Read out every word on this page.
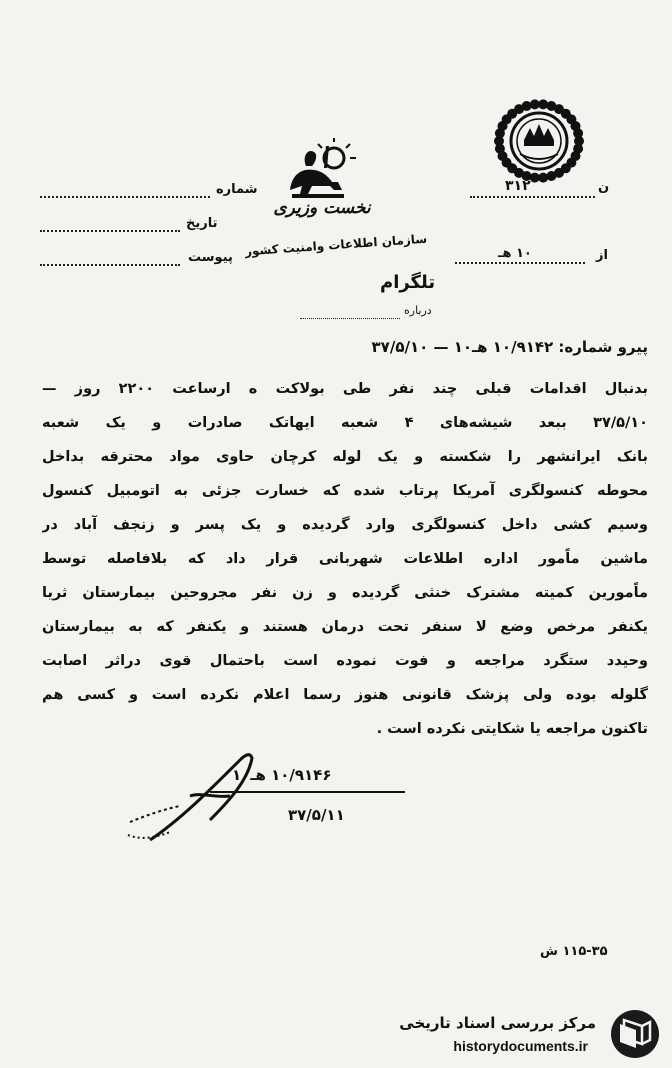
شماره
تاریخ
پیوست
نخست وزیری
سازمان اطلاعات وامنیت کشور
تلگرام
درباره
۳۱۲	ن
از
۱۰ هـ
پیرو شماره: ۱۰/۹۱۴۲ هـ۱۰ — ۳۷/۵/۱۰
بدنبال اقدامات قبلی چند نفر طی بولاکت ه ارساعت ۲۲۰۰ روز —
۳۷/۵/۱۰ ببعد شیشه‌های ۴ شعبه ایهاتک صادرات و یک شعبه
بانک ایرانشهر را شکسته و یک لوله کرچان حاوی مواد محترقه بداخل
محوطه کنسولگری آمریکا پرتاب شده که خسارت جزئی به اتومبیل کنسول
وسیم کشی داخل کنسولگری وارد گردیده و یک پسر و زنجف آباد در
ماشین ماًمور اداره اطلاعات شهربانی قرار داد که بلافاصله توسط
ماًمورین کمیته مشترک خنثی گردیده و زن نفر مجروحین بیمارستان ثریا
یکنفر مرخص وضع لا سنفر تحت درمان هستند و یکنفر که به بیمارستان
وحیدد ستگرد مراجعه و فوت نموده است باحتمال قوی دراثر اصابت
گلوله بوده ولی پزشک قانونی هنوز رسما اعلام نکرده است و کسی هم
تاکنون مراجعه یا شکایتی نکرده است .
۱۰/۹۱۴۶ هـ۱۰
۳۷/۵/۱۱
۱۱۵-۳۵ ش
مرکز بررسی اسناد تاریخی
historydocuments.ir
